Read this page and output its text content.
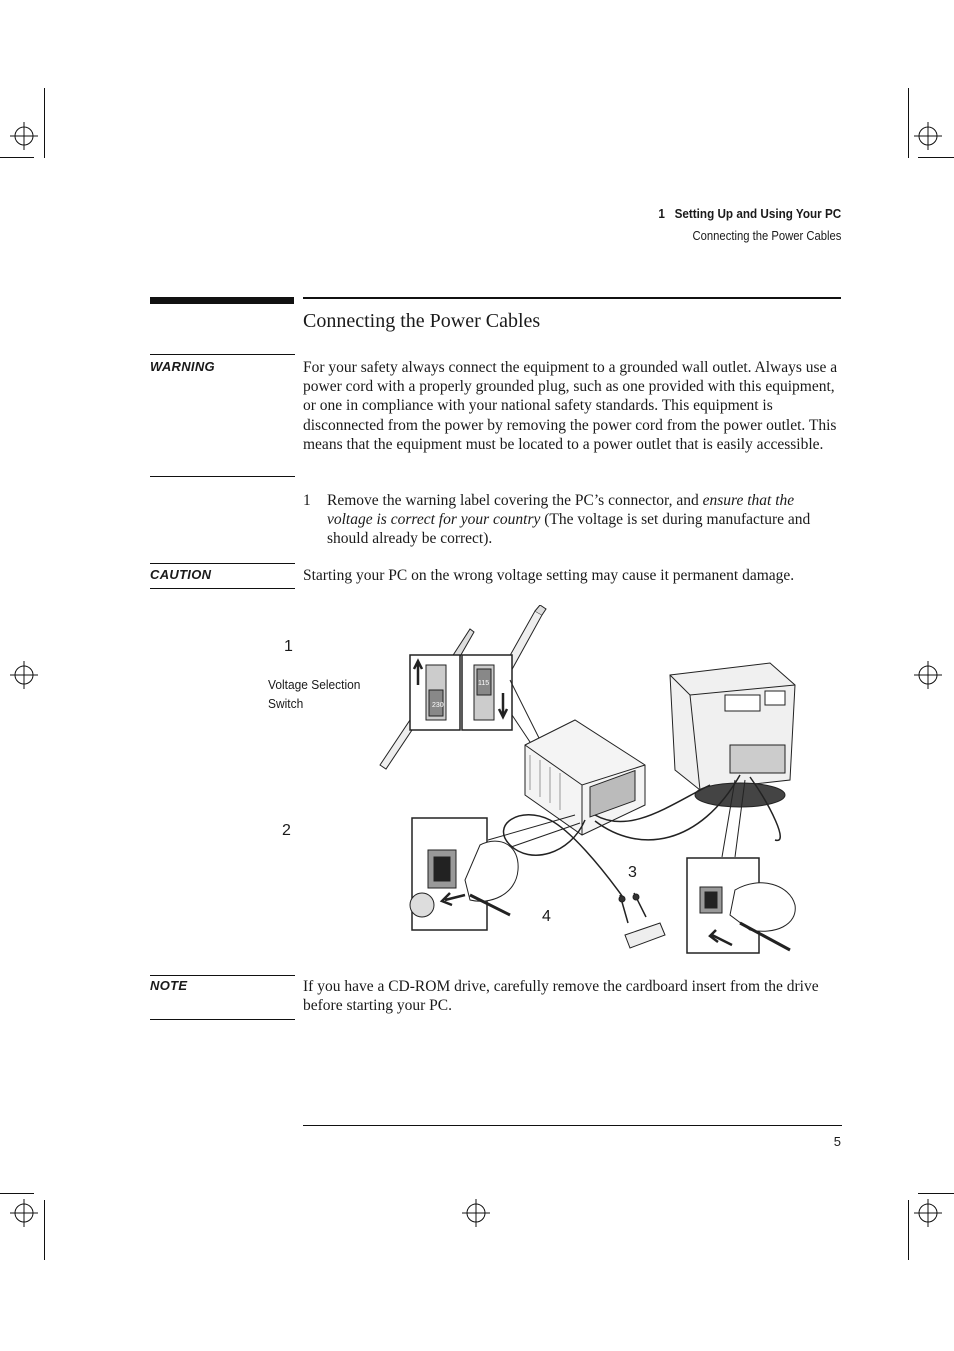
1   Setting Up and Using Your PC
Connecting the Power Cables
Connecting the Power Cables
WARNING	For your safety always connect the equipment to a grounded wall outlet. Always use a power cord with a properly grounded plug, such as one provided with this equipment, or one in compliance with your national safety standards. This equipment is disconnected from the power by removing the power cord from the power outlet. This means that the equipment must be located to a power outlet that is easily accessible.
1 Remove the warning label covering the PC’s connector, and ensure that the voltage is correct for your country (The voltage is set during manufacture and should already be correct).
CAUTION	Starting your PC on the wrong voltage setting may cause it permanent damage.
1
Voltage Selection
Switch
2
3
4
115
230
NOTE	If you have a CD-ROM drive, carefully remove the cardboard insert from the drive before starting your PC.
5
